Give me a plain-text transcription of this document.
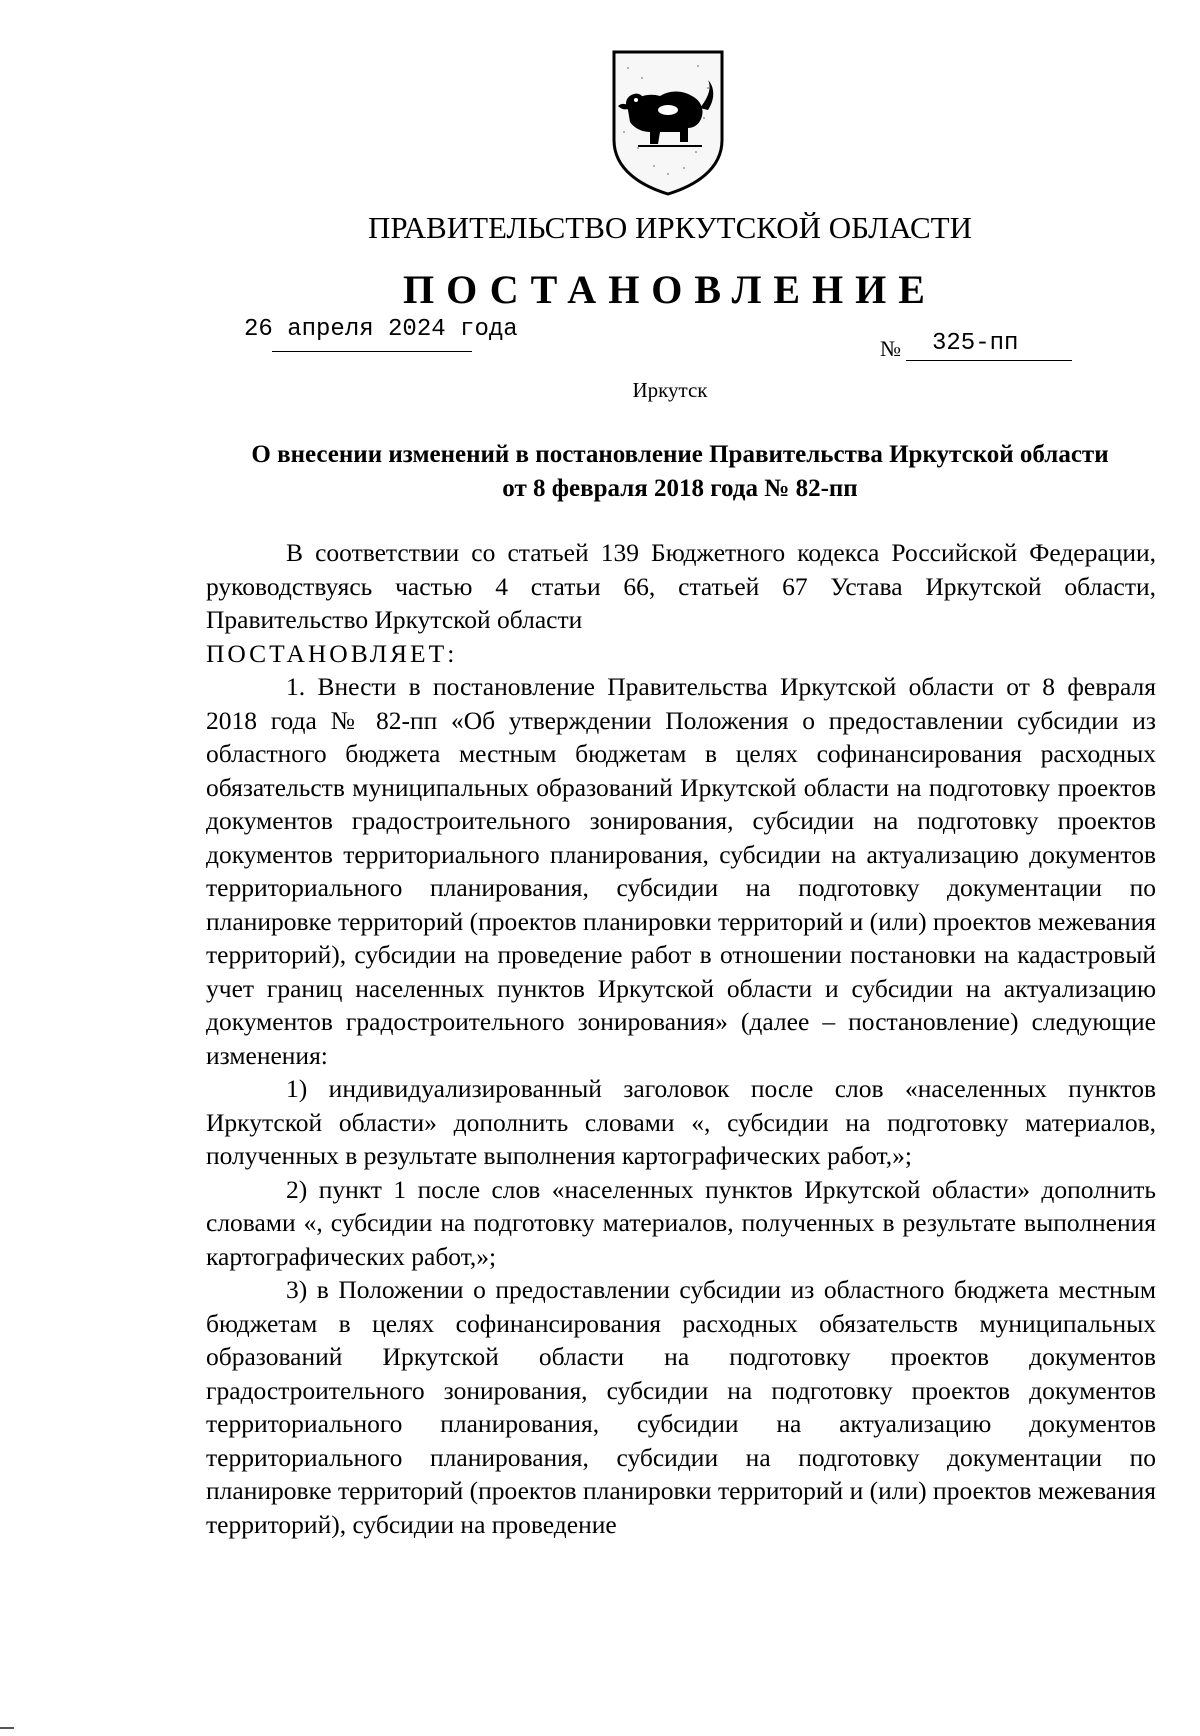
ПРАВИТЕЛЬСТВО ИРКУТСКОЙ ОБЛАСТИ
ПОСТАНОВЛЕНИЕ
26 апреля 2024 года
№ 325-пп
Иркутск
О внесении изменений в постановление Правительства Иркутской области от 8 февраля 2018 года № 82-пп

В соответствии со статьей 139 Бюджетного кодекса Российской Федерации, руководствуясь частью 4 статьи 66, статьей 67 Устава Иркутской области, Правительство Иркутской области

ПОСТАНОВЛЯЕТ:

1. Внести в постановление Правительства Иркутской области от 8 февраля 2018 года № 82-пп «Об утверждении Положения о предоставлении субсидии из областного бюджета местным бюджетам в целях софинансирования расходных обязательств муниципальных образований Иркутской области на подготовку проектов документов градостроительного зонирования, субсидии на подготовку проектов документов территориального планирования, субсидии на актуализацию документов территориального планирования, субсидии на подготовку документации по планировке территорий (проектов планировки территорий и (или) проектов межевания территорий), субсидии на проведение работ в отношении постановки на кадастровый учет границ населенных пунктов Иркутской области и субсидии на актуализацию документов градостроительного зонирования» (далее – постановление) следующие изменения:

1) индивидуализированный заголовок после слов «населенных пунктов Иркутской области» дополнить словами «, субсидии на подготовку материалов, полученных в результате выполнения картографических работ,»;

2) пункт 1 после слов «населенных пунктов Иркутской области» дополнить словами «, субсидии на подготовку материалов, полученных в результате выполнения картографических работ,»;

3) в Положении о предоставлении субсидии из областного бюджета местным бюджетам в целях софинансирования расходных обязательств муниципальных образований Иркутской области на подготовку проектов документов градостроительного зонирования, субсидии на подготовку проектов документов территориального планирования, субсидии на актуализацию документов территориального планирования, субсидии на подготовку документации по планировке территорий (проектов планировки территорий и (или) проектов межевания территорий), субсидии на проведение
